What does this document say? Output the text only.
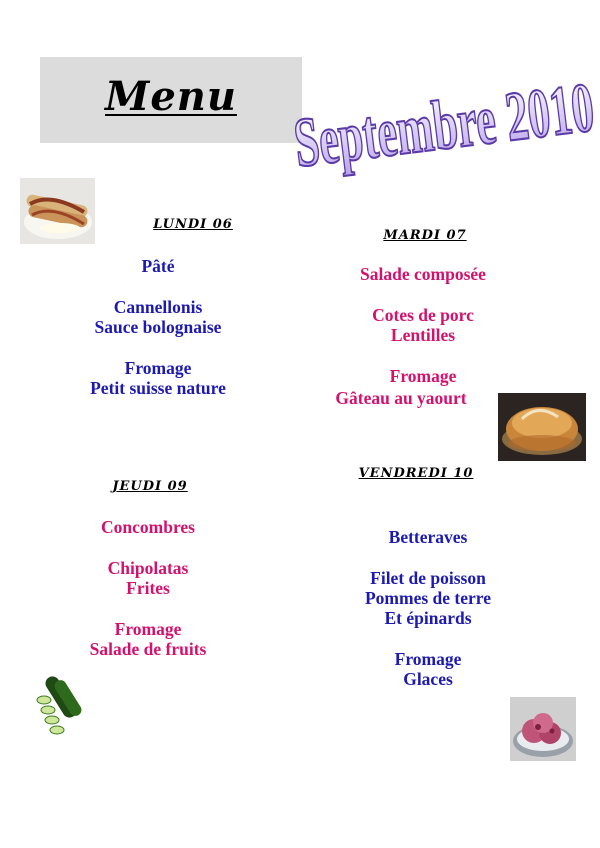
Menu	Septembre 2010
LUNDI 06
Pâté
Cannellonis
Sauce bolognaise
Fromage
Petit suisse nature
MARDI 07
Salade composée
Cotes de porc
Lentilles
Fromage
Gâteau au yaourt
JEUDI 09
Concombres
Chipolatas
Frites
Fromage
Salade de fruits
VENDREDI 10
Betteraves
Filet de poisson
Pommes de terre
Et épinards
Fromage
Glaces
